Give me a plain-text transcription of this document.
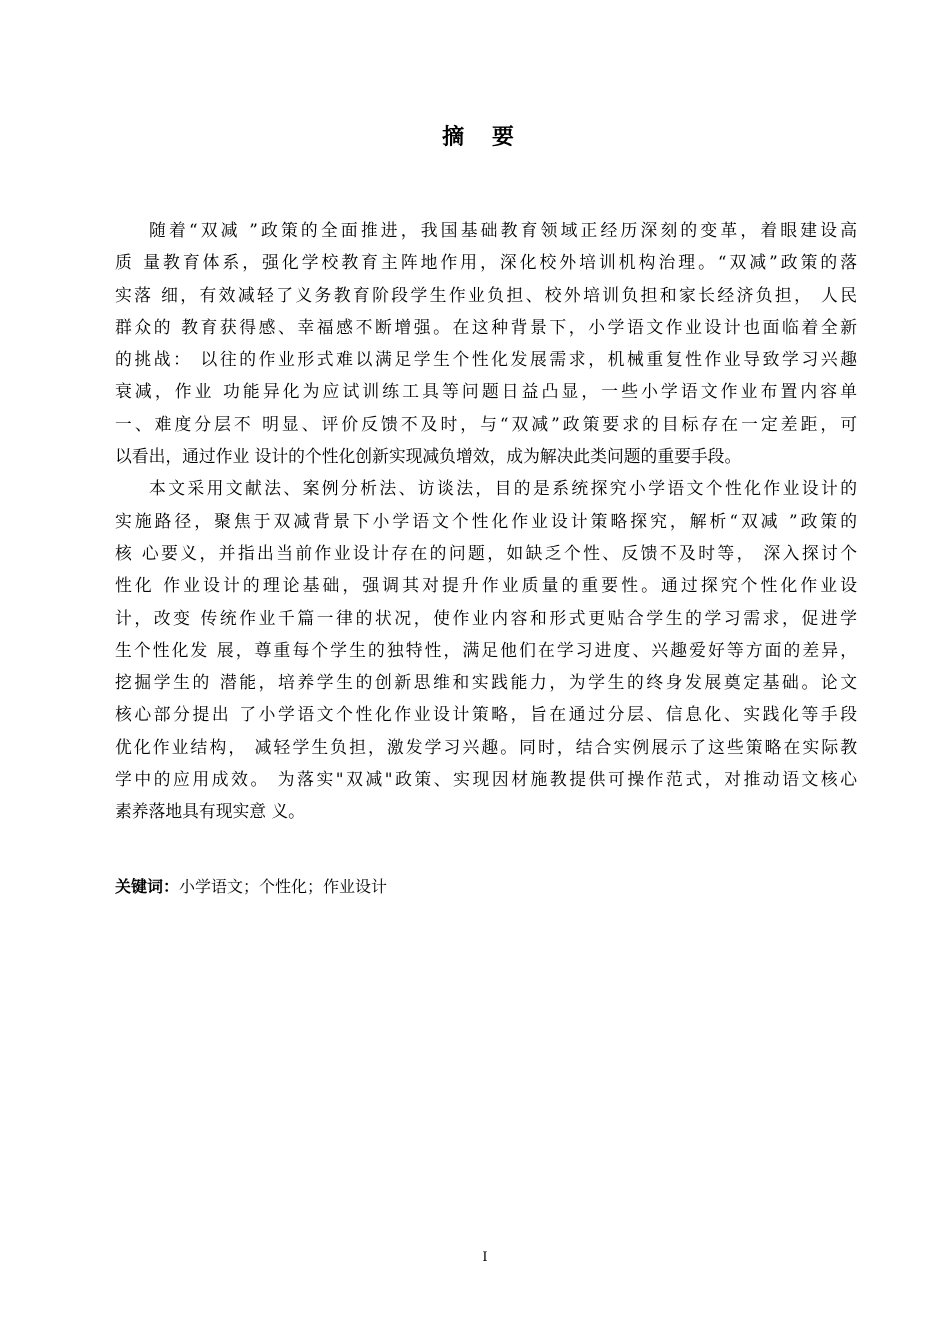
摘 要
随着“双减 ”政策的全面推进，我国基础教育领域正经历深刻的变革，着眼建设高
质 量教育体系，强化学校教育主阵地作用，深化校外培训机构治理。“双减”政策的落
实落 细，有效减轻了义务教育阶段学生作业负担、校外培训负担和家长经济负担， 人民
群众的 教育获得感、幸福感不断增强。在这种背景下，小学语文作业设计也面临着全新
的挑战： 以往的作业形式难以满足学生个性化发展需求，机械重复性作业导致学习兴趣
衰减，作业 功能异化为应试训练工具等问题日益凸显，一些小学语文作业布置内容单
一、难度分层不 明显、评价反馈不及时，与“双减”政策要求的目标存在一定差距，可
以看出，通过作业 设计的个性化创新实现减负增效，成为解决此类问题的重要手段。
本文采用文献法、案例分析法、访谈法，目的是系统探究小学语文个性化作业设计的
实施路径，聚焦于双减背景下小学语文个性化作业设计策略探究，解析“双减 ”政策的
核 心要义，并指出当前作业设计存在的问题，如缺乏个性、反馈不及时等， 深入探讨个
性化 作业设计的理论基础，强调其对提升作业质量的重要性。通过探究个性化作业设
计，改变 传统作业千篇一律的状况，使作业内容和形式更贴合学生的学习需求，促进学
生个性化发 展，尊重每个学生的独特性，满足他们在学习进度、兴趣爱好等方面的差异，
挖掘学生的 潜能，培养学生的创新思维和实践能力，为学生的终身发展奠定基础。论文
核心部分提出 了小学语文个性化作业设计策略，旨在通过分层、信息化、实践化等手段
优化作业结构， 减轻学生负担，激发学习兴趣。同时，结合实例展示了这些策略在实际教
学中的应用成效。 为落实"双减"政策、实现因材施教提供可操作范式，对推动语文核心
素养落地具有现实意 义。
关键词：小学语文；个性化；作业设计
I
